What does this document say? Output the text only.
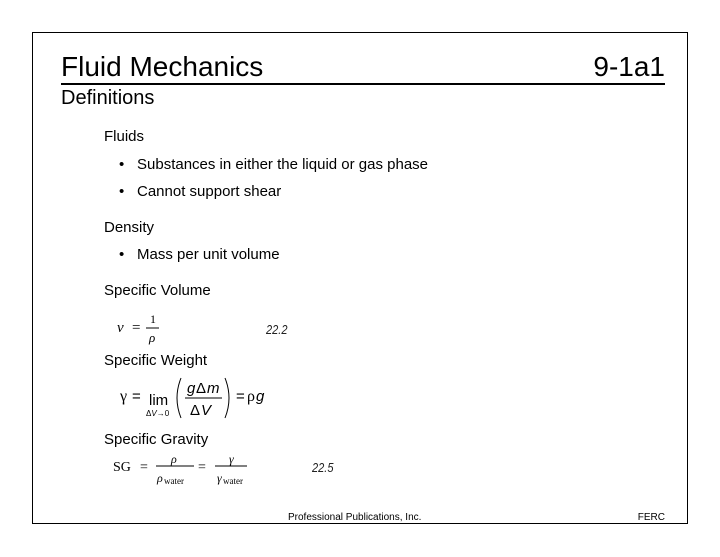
Fluid Mechanics	9-1a1
Definitions
Fluids
• Substances in either the liquid or gas phase
• Cannot support shear
Density
• Mass per unit volume
Specific Volume
v =
1
ρ
22.2
Specific Weight
γ = lim
ΔV→0
g Δ m
Δ V
= ρ g
Specific Gravity
SG =
ρ
ρ water
=
γ
γ water
22.5
Professional Publications, Inc.	FERC
